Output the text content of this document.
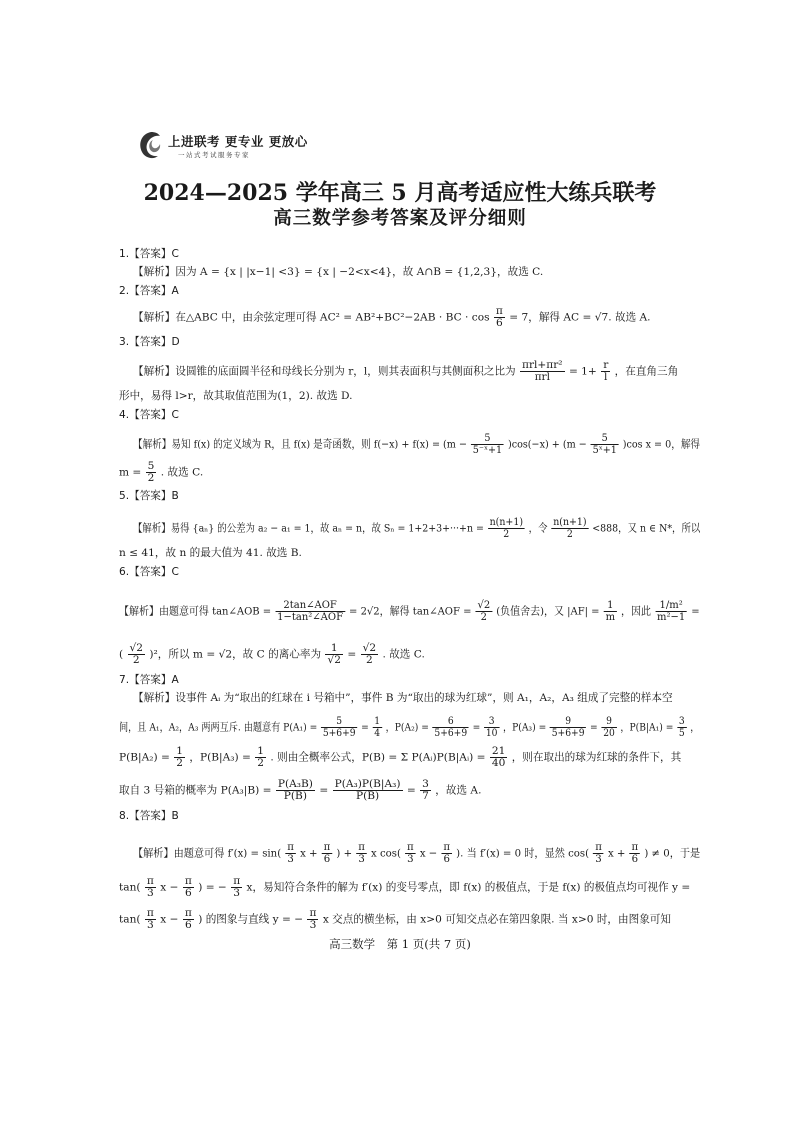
上进联考 更专业 更放心
一站式考试服务专家
2024—2025 学年高三 5 月高考适应性大练兵联考
高三数学参考答案及评分细则
1.【答案】C
【解析】因为 A = {x | |x−1| <3} = {x | −2<x<4}，故 A∩B = {1,2,3}，故选 C.
2.【答案】A
【解析】在△ABC 中，由余弦定理可得 AC² = AB²+BC²−2AB · BC · $\cos \frac{\pi}{6} = 7$，解得 AC = √7. 故选 A.
3.【答案】D
【解析】设圆锥的底面圆半径和母线长分别为 r，l，则其表面积与其侧面积之比为 $\frac{\text{πrl+πr²}}{\text{πrl}} = 1+ \frac{r}{l}$ ，在直角三角
形中，易得 l>r，故其取值范围为(1，2). 故选 D.
4.【答案】C
【解析】易知 f(x) 的定义域为 R，且 f(x) 是奇函数，则 $f(-x) + f(x) = (m - \frac{5}{\text{5⁻ˣ+1}} )\cos(-x) + (m - \frac{5}{\text{5ˣ+1}} )\cos$ x = 0，解得
$m = \frac{5}{2}$ . 故选 C.
5.【答案】B
【解析】易得 {aₙ} 的公差为 a₂ − a₁ = 1，故 aₙ = n，故 $S_n = 1+2+3+\cdot\cdot\cdot+n = \frac{n(n+1)}{2}$ ，令 $\frac{n(n+1)}{2} <888$，又 n ∈ N*，所以
n ≤ 41，故 n 的最大值为 41. 故选 B.
6.【答案】C
【解析】由题意可得 tan∠AOB = $\frac{\text{2tan∠AOF}}{\text{1−tan²∠AOF}} = 2√2$，解得 tan∠AOF = $\frac{√2}{2}$ (负值舍去)，又 $|AF| = \frac{1}{m}$ ，因此 $\frac{\text{1/m²}}{\text{m²−1}}$ =
( $\frac{√2}{2} )^2$，所以 m = √2，故 C 的离心率为 $\frac{1}{√2} = \frac{√2}{2}$ . 故选 C.
7.【答案】A
【解析】设事件 Aᵢ 为“取出的红球在 i 号箱中”，事件 B 为“取出的球为红球”，则 A₁，A₂，A₃ 组成了完整的样本空
间，且 A₁，A₂，A₃ 两两互斥. 由题意有 $P(A_1) = \frac{5}{5+6+9} = \frac{1}{4}$ ，$P(A_2) = \frac{6}{5+6+9} = \frac{3}{10}$ ，$P(A_3) = \frac{9}{5+6+9} = \frac{9}{20}$ ，$P(B|A_1) = \frac{3}{5}$ ，
$P(B|A_2) = \frac{1}{2}$ ，$P(B|A_3) = \frac{1}{2}$ . 则由全概率公式，P(B) = Σ P(Aᵢ)P(B|Aᵢ) = $\frac{21}{40}$ ，则在取出的球为红球的条件下，其
取自 3 号箱的概率为 $P(A_3|B) = \frac{\text{P(A₃B)}}{P(B)} = \frac{\text{P(A₃)P(B|A₃)}}{P(B)} = \frac{3}{7}$ ，故选 A.
8.【答案】B
【解析】由题意可得 $f'(x) = \sin( \frac{\pi}{3}$ $x + \frac{\pi}{6}$ ) + $\frac{\pi}{3}$ x $\cos( \frac{\pi}{3}$ $x - \frac{\pi}{6}$ ). 当 f′(x) = 0 时，显然 $\cos( \frac{\pi}{3}$ $x + \frac{\pi}{6}$ ) ≠ 0，于是
$\tan( \frac{\pi}{3}$ $x - \frac{\pi}{6}$ ) = − $\frac{\pi}{3}$ x，易知符合条件的解为 f′(x) 的变号零点，即 f(x) 的极值点，于是 f(x) 的极值点均可视作 y =
$\tan( \frac{\pi}{3}$ $x - \frac{\pi}{6}$ ) 的图象与直线 y = − $\frac{\pi}{3}$ x 交点的横坐标，由 x>0 可知交点必在第四象限. 当 x>0 时，由图象可知
高三数学　第 1 页(共 7 页)
